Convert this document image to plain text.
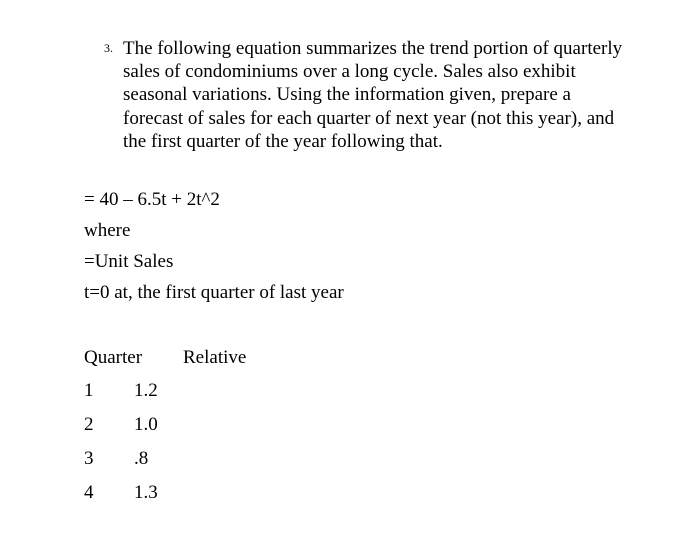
3. The following equation summarizes the trend portion of quarterly sales of condominiums over a long cycle. Sales also exhibit seasonal variations. Using the information given, prepare a forecast of sales for each quarter of next year (not this year), and the first quarter of the year following that.
= 40 – 6.5t + 2t^2
where
=Unit Sales
t=0 at, the first quarter of last year
Quarter Relative
1 1.2
2 1.0
3 .8
4 1.3
